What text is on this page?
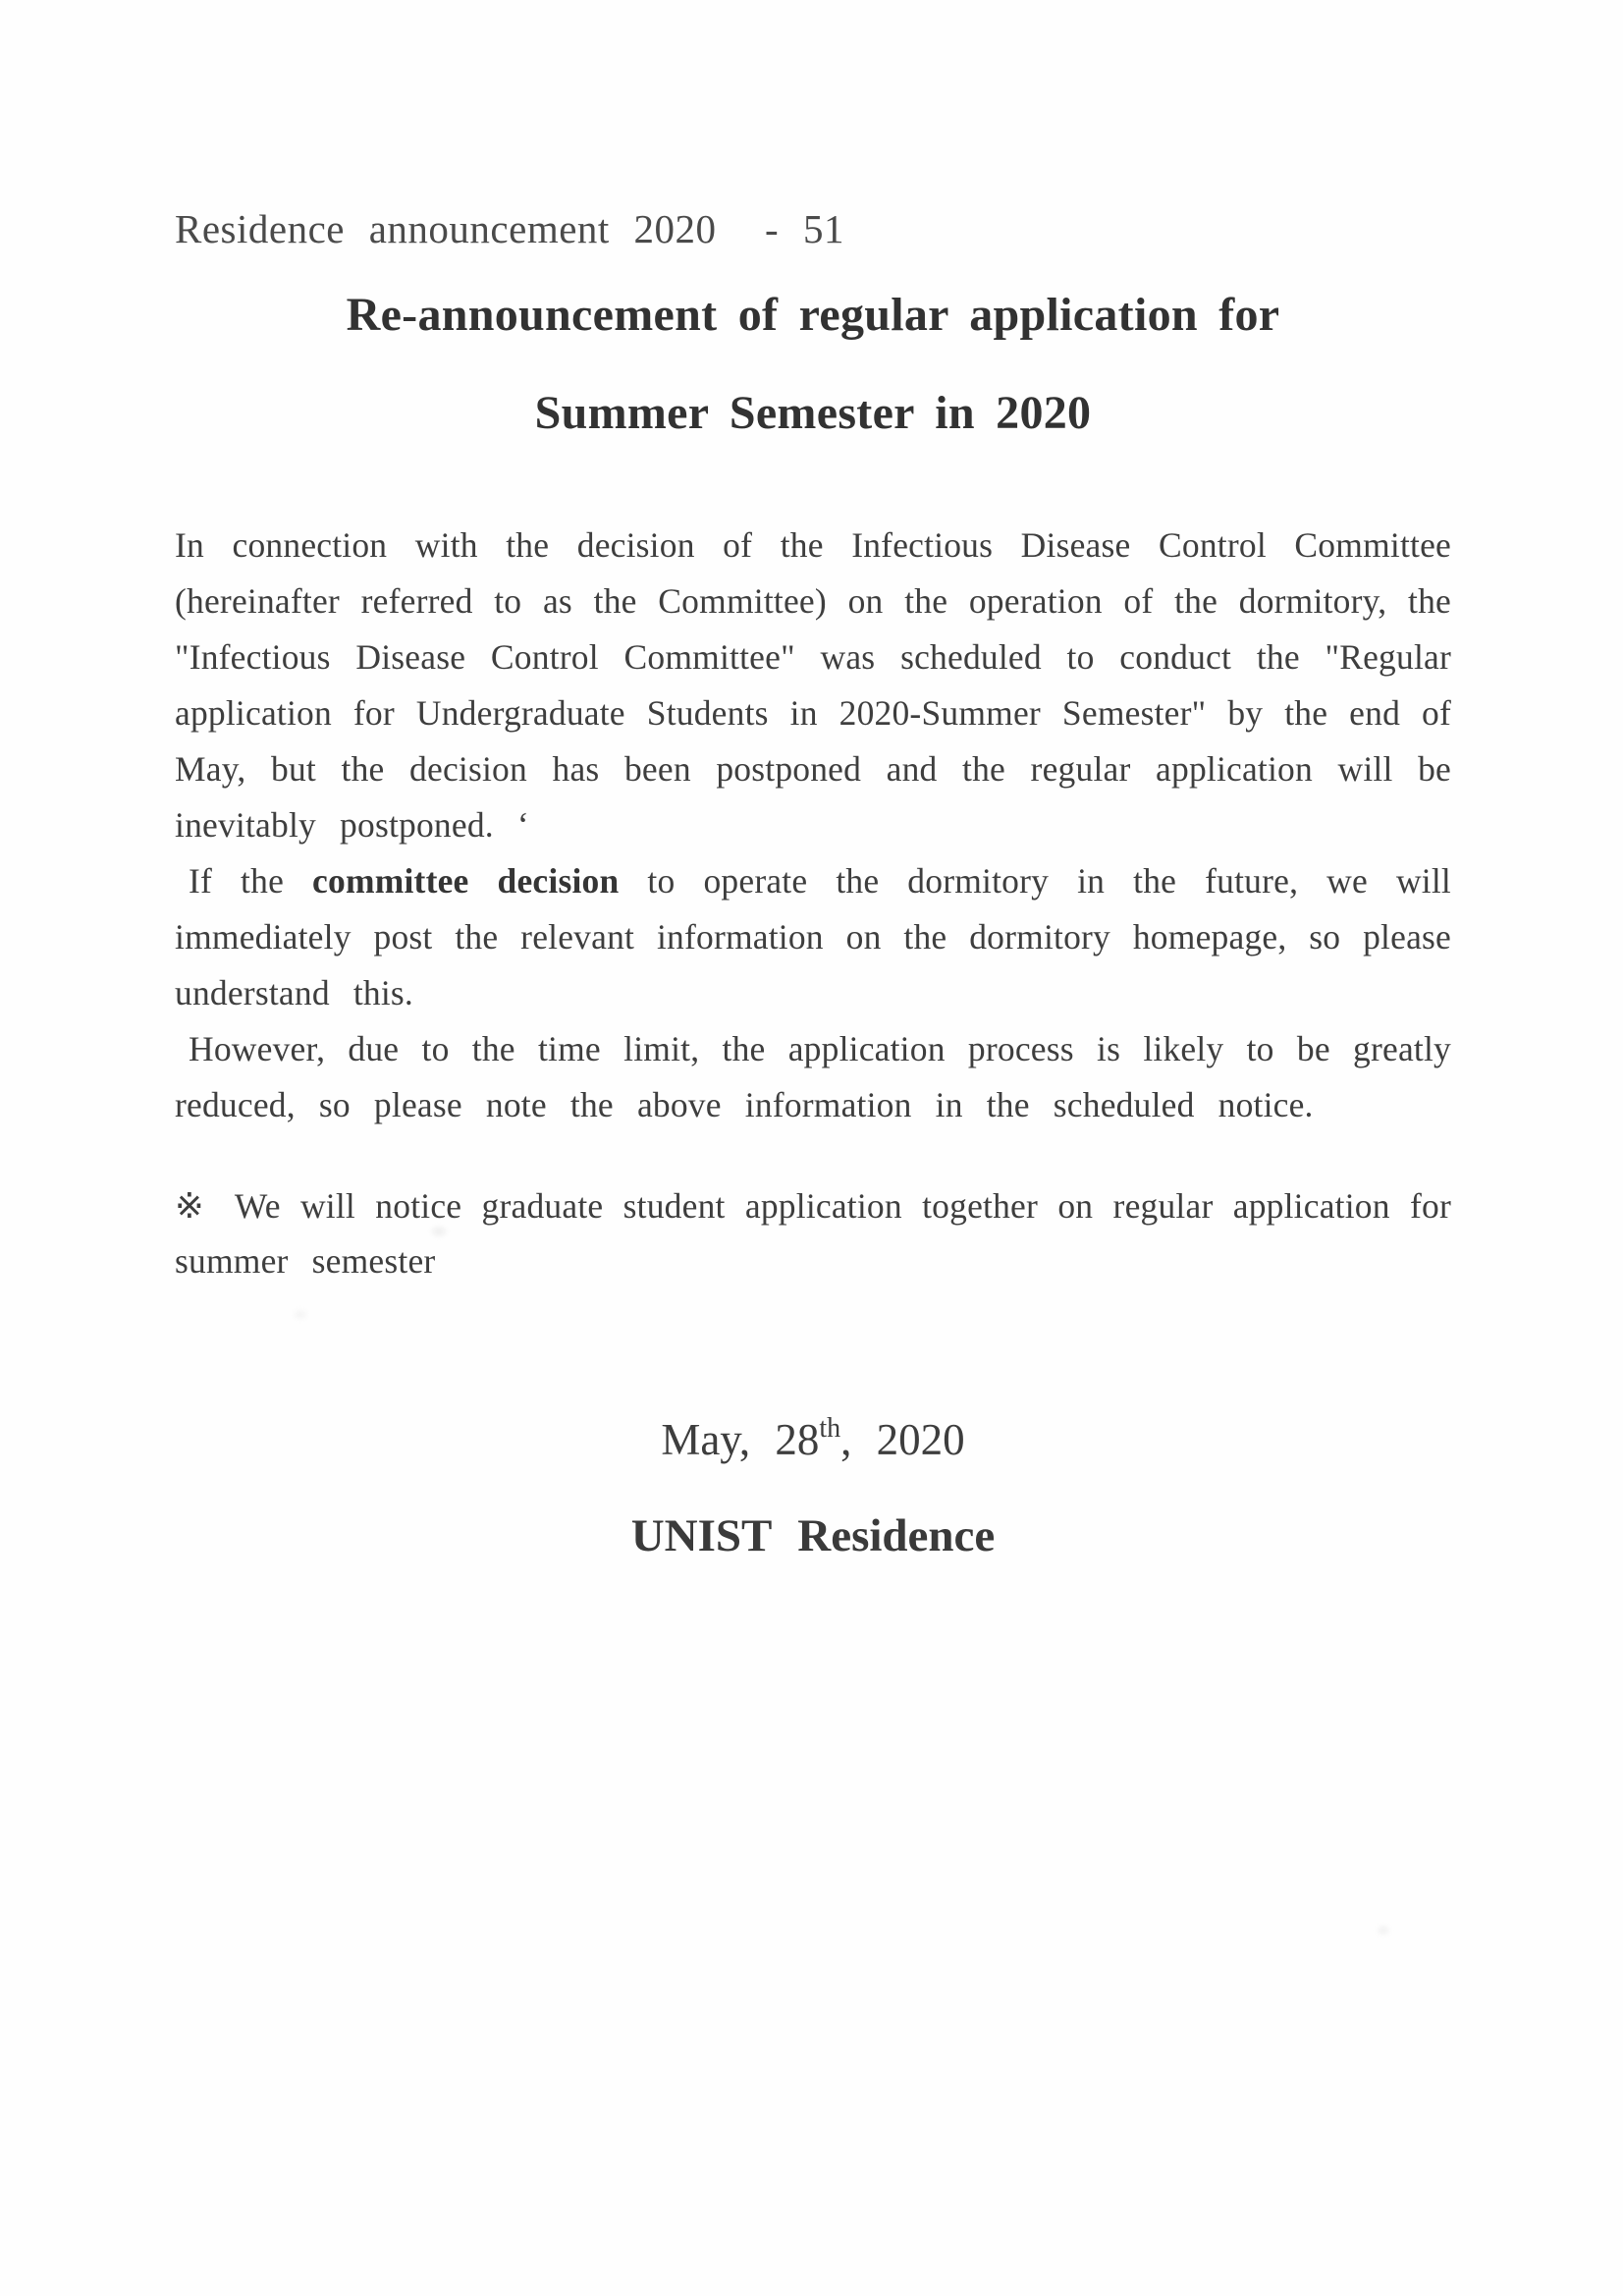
Residence announcement 2020  - 51
Re-announcement of regular application for
Summer Semester in 2020
In connection with the decision of the Infectious Disease Control Committee
(hereinafter referred to as the Committee) on the operation of the dormitory, the
"Infectious Disease Control Committee" was scheduled to conduct the "Regular
application for Undergraduate Students in 2020-Summer Semester" by the end of
May, but the decision has been postponed and the regular application will be
inevitably postponed. ‘
If the committee decision to operate the dormitory in the future, we will
immediately post the relevant information on the dormitory homepage, so please
understand this.
However, due to the time limit, the application process is likely to be greatly
reduced, so please note the above information in the scheduled notice.
※ We will notice graduate student application together on regular application for
summer semester
May, 28th, 2020
UNIST Residence
